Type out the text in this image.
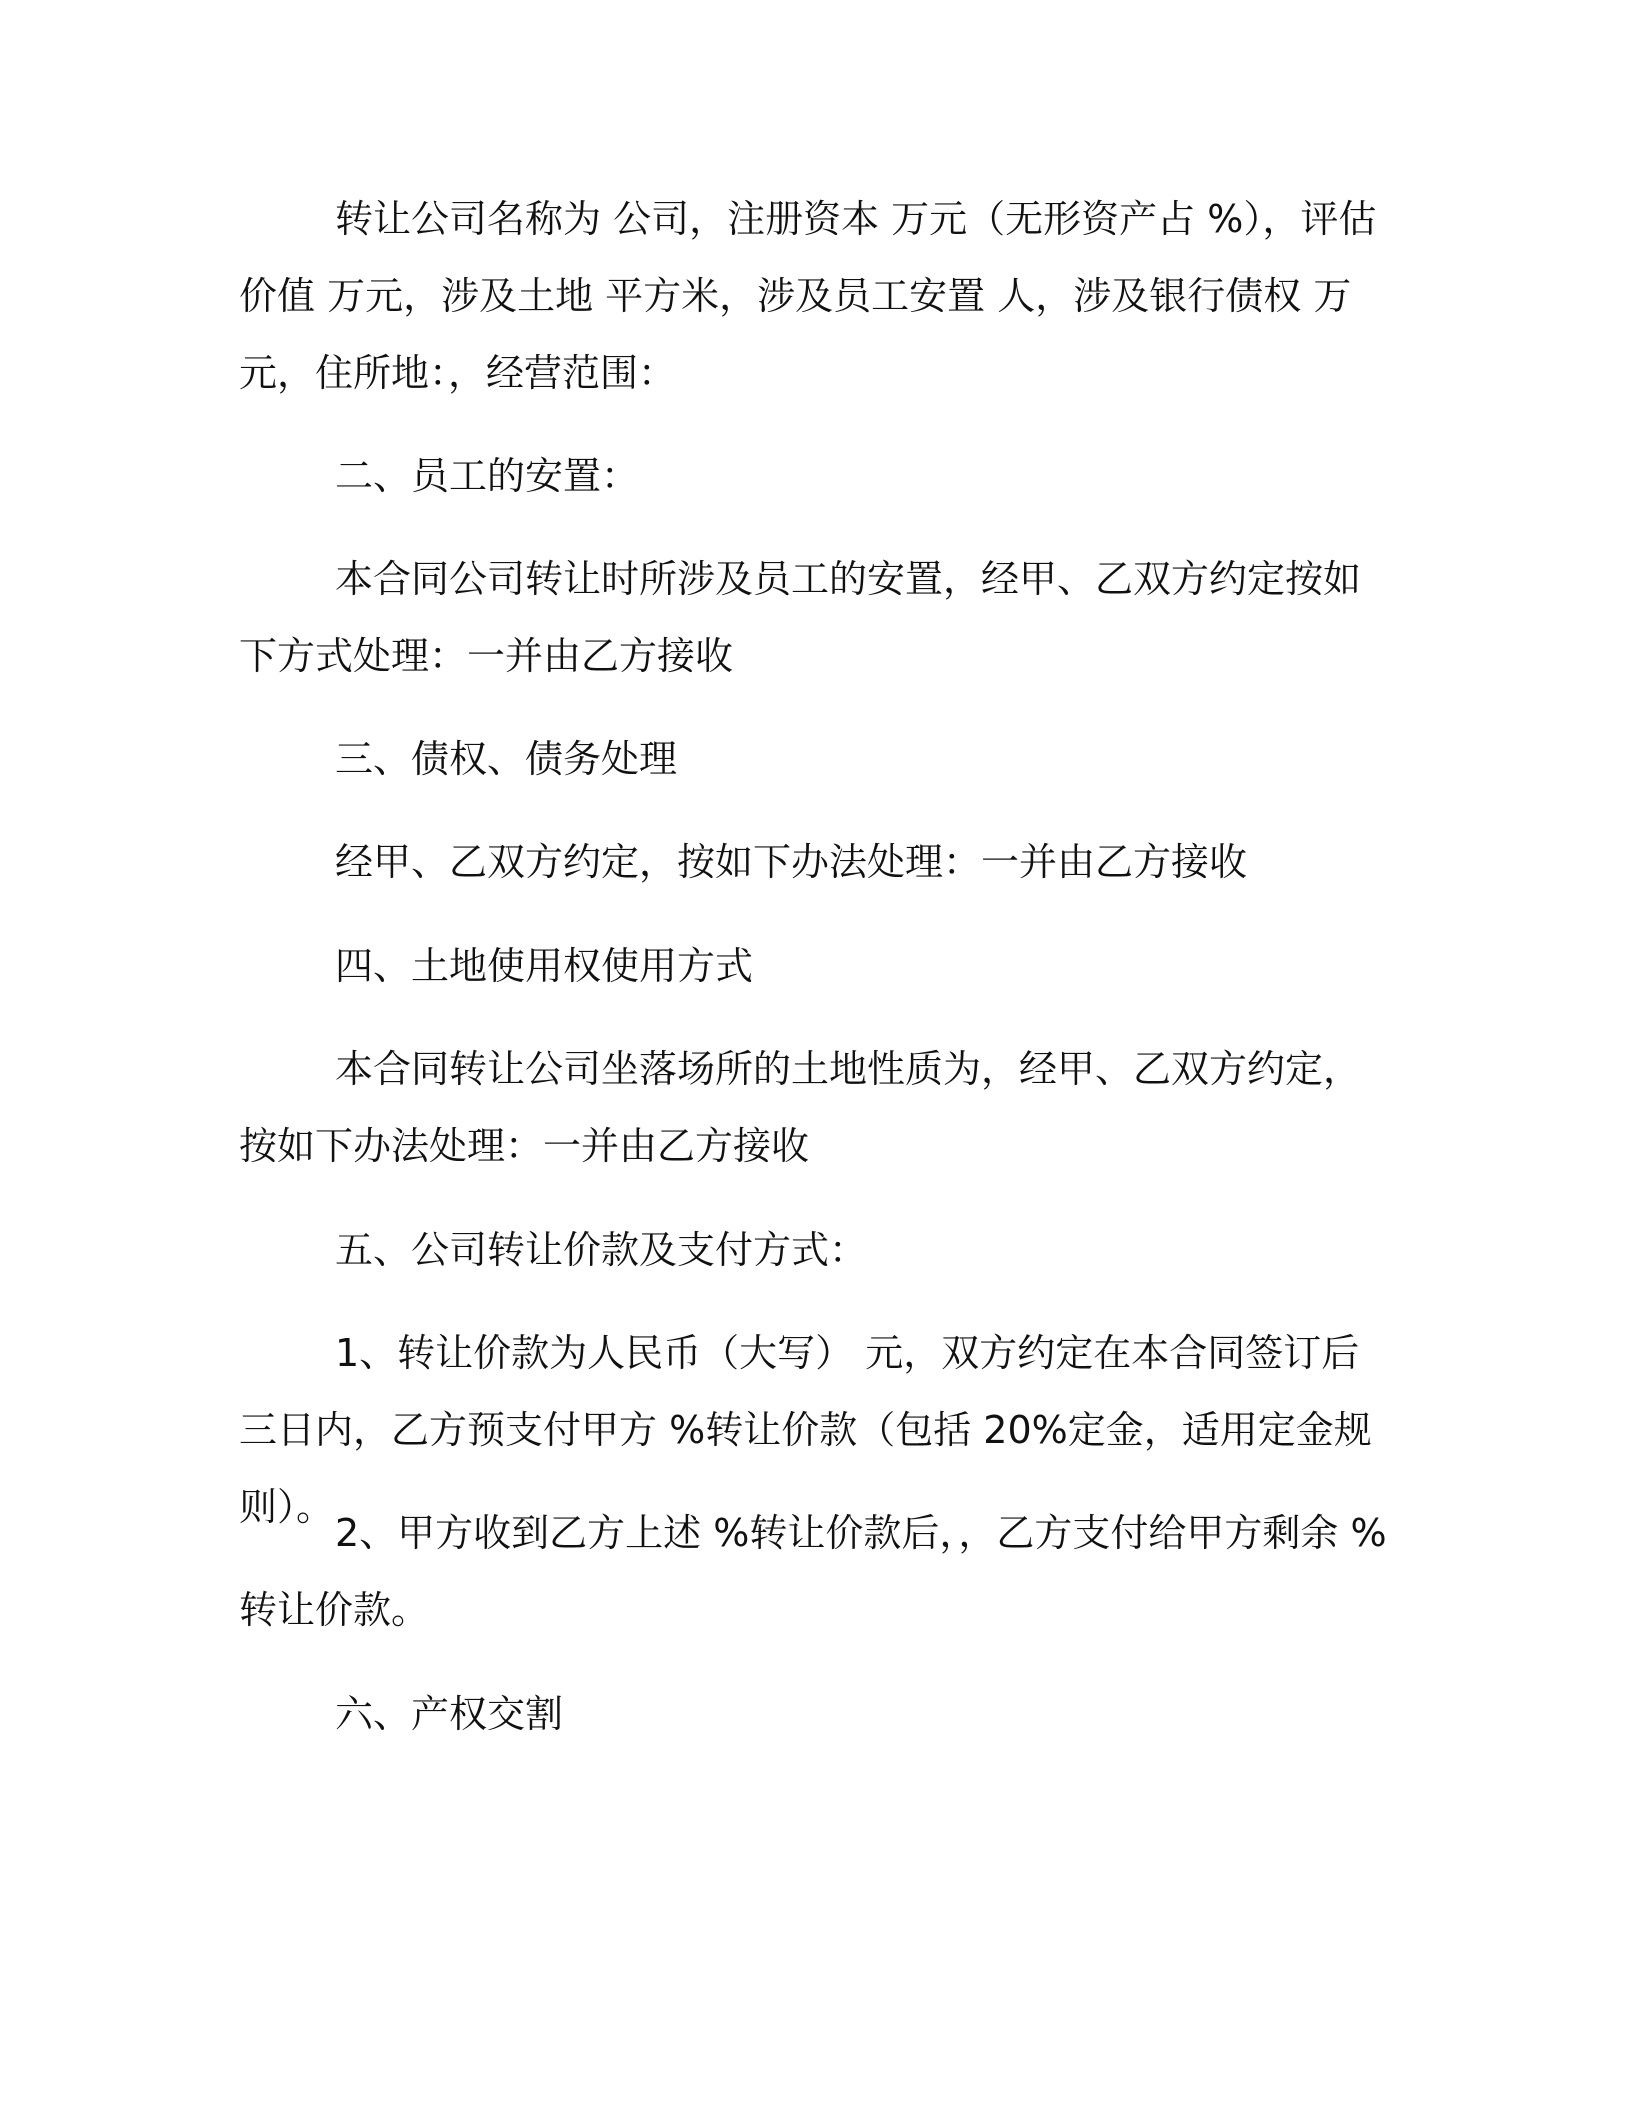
转让公司名称为 公司，注册资本 万元（无形资产占 %），评估价值 万元，涉及土地 平方米，涉及员工安置 人，涉及银行债权 万元，住所地：，经营范围：

二、员工的安置：

本合同公司转让时所涉及员工的安置，经甲、乙双方约定按如下方式处理：一并由乙方接收

三、债权、债务处理

经甲、乙双方约定，按如下办法处理：一并由乙方接收

四、土地使用权使用方式

本合同转让公司坐落场所的土地性质为，经甲、乙双方约定，按如下办法处理：一并由乙方接收

五、公司转让价款及支付方式：

1、转让价款为人民币（大写） 元，双方约定在本合同签订后三日内，乙方预支付甲方 %转让价款（包括 20%定金，适用定金规则）。

2、甲方收到乙方上述 %转让价款后，，乙方支付给甲方剩余 %转让价款。

六、产权交割
